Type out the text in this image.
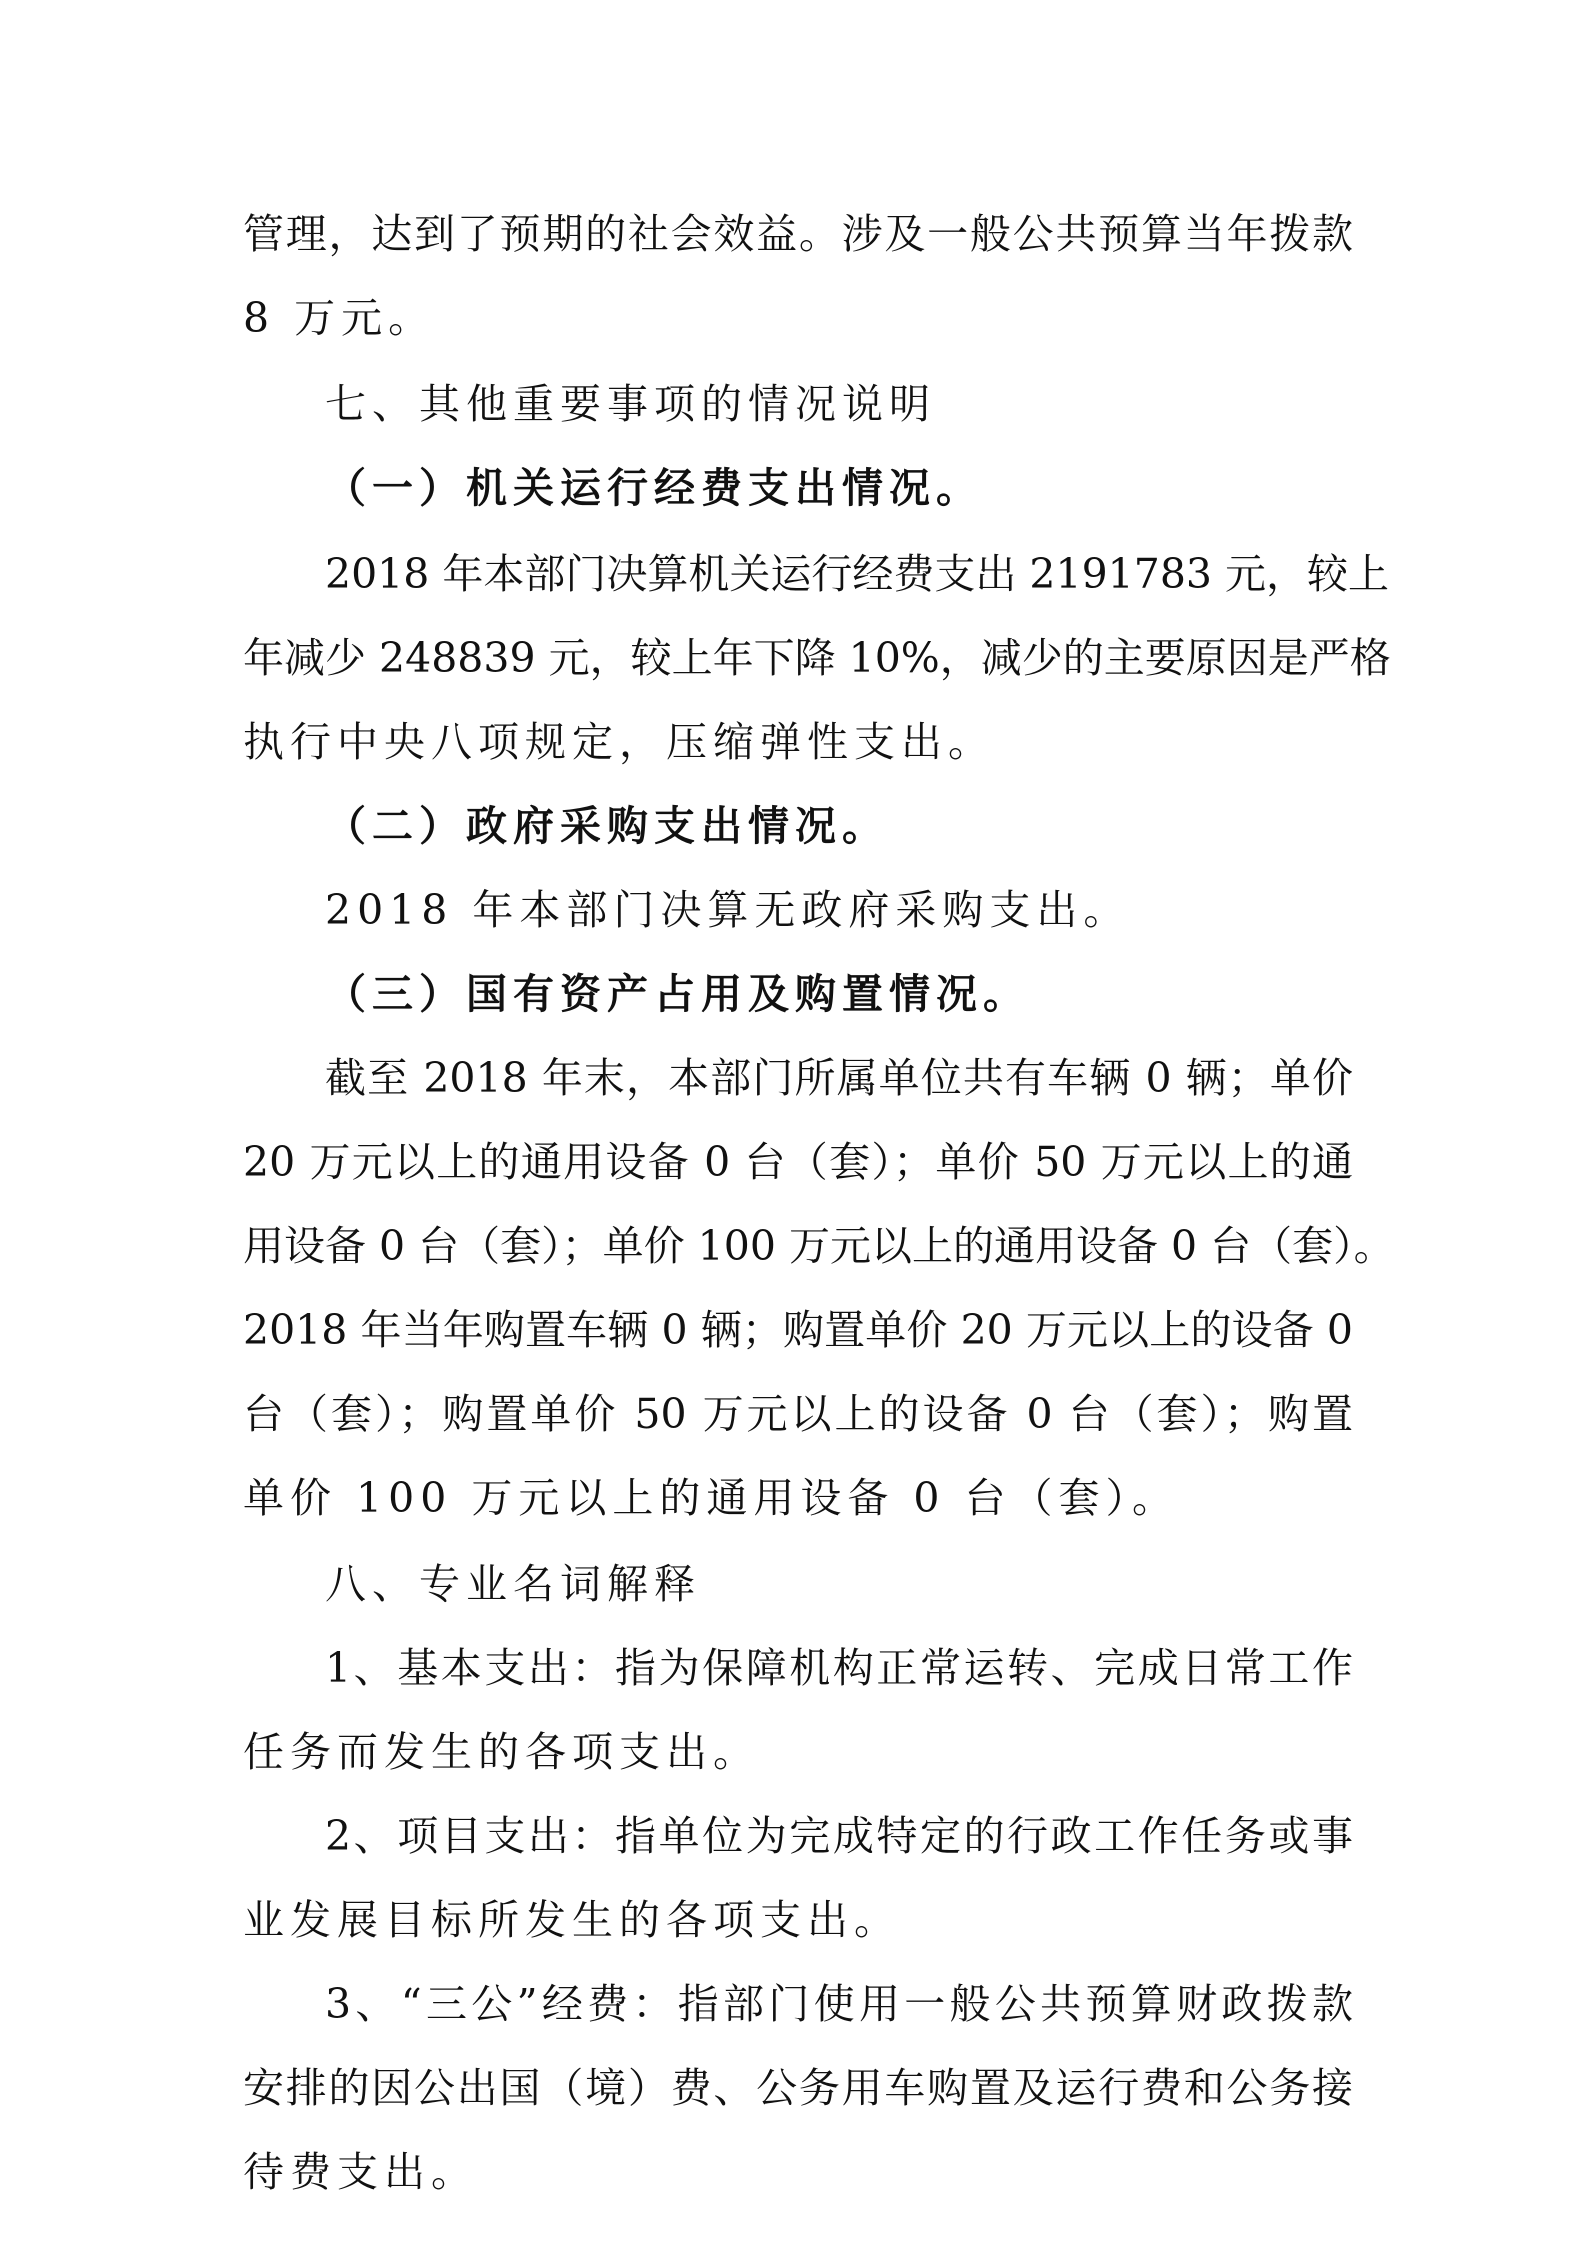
管理，达到了预期的社会效益。涉及一般公共预算当年拨款
8 万元。
七、其他重要事项的情况说明
（一）机关运行经费支出情况。
2018 年本部门决算机关运行经费支出 2191783 元，较上
年减少 248839 元，较上年下降 10%，减少的主要原因是严格
执行中央八项规定，压缩弹性支出。
（二）政府采购支出情况。
2018 年本部门决算无政府采购支出。
（三）国有资产占用及购置情况。
截至 2018 年末，本部门所属单位共有车辆 0 辆；单价
20 万元以上的通用设备 0 台（套）；单价 50 万元以上的通
用设备 0 台（套）；单价 100 万元以上的通用设备 0 台（套）。
2018 年当年购置车辆 0 辆；购置单价 20 万元以上的设备 0
台（套）；购置单价 50 万元以上的设备 0 台（套）；购置
单价 100 万元以上的通用设备 0 台（套）。
八、专业名词解释
1、基本支出：指为保障机构正常运转、完成日常工作
任务而发生的各项支出。
2、项目支出：指单位为完成特定的行政工作任务或事
业发展目标所发生的各项支出。
3、“三公”经费：指部门使用一般公共预算财政拨款
安排的因公出国（境）费、公务用车购置及运行费和公务接
待费支出。
